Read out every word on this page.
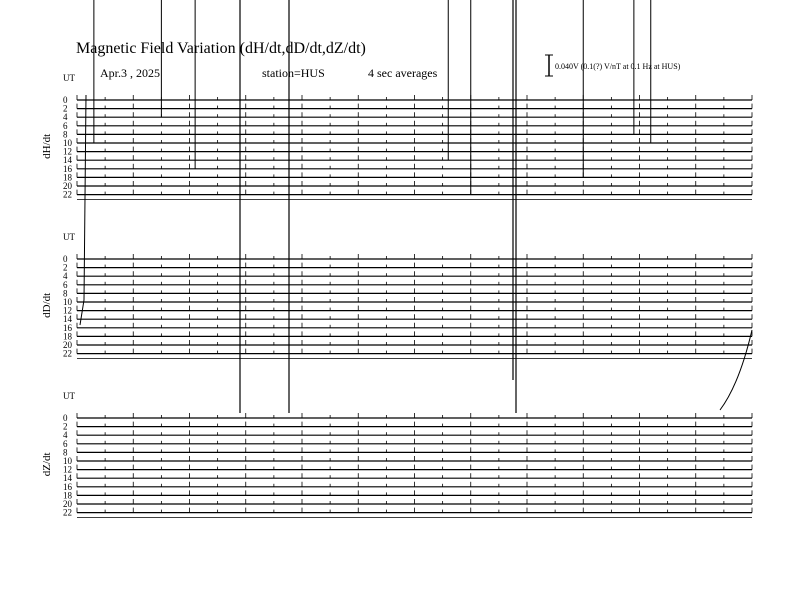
Magnetic Field Variation (dH/dt,dD/dt,dZ/dt)
Apr.3 , 2025	station=HUS	4 sec averages	0.040V (0.1(?) V/nT at 0.1 Hz at HUS)
UT
dH/dt
0
2
4
6
8
10
12
14
16
18
20
22
UT
dD/dt
0
2
4
6
8
10
12
14
16
18
20
22
UT
dZ/dt
0
2
4
6
8
10
12
14
16
18
20
22
